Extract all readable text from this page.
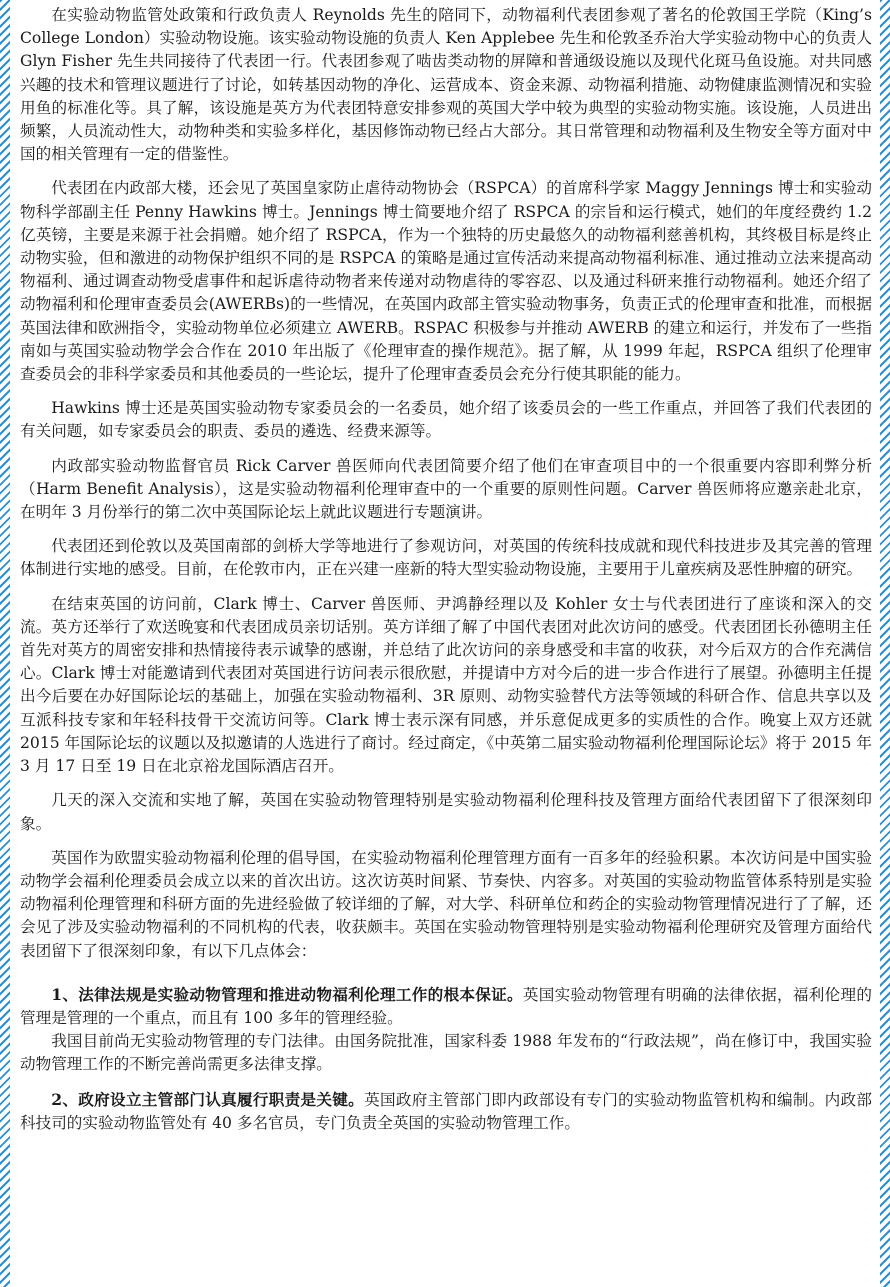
在实验动物监管处政策和行政负责人 Reynolds 先生的陪同下，动物福利代表团参观了著名的伦敦国王学院（King’s College London）实验动物设施。该实验动物设施的负责人 Ken Applebee 先生和伦敦圣乔治大学实验动物中心的负责人 Glyn Fisher 先生共同接待了代表团一行。代表团参观了啮齿类动物的屏障和普通级设施以及现代化斑马鱼设施。对共同感兴趣的技术和管理议题进行了讨论，如转基因动物的净化、运营成本、资金来源、动物福利措施、动物健康监测情况和实验用鱼的标准化等。具了解，该设施是英方为代表团特意安排参观的英国大学中较为典型的实验动物实施。该设施，人员进出频繁，人员流动性大，动物种类和实验多样化，基因修饰动物已经占大部分。其日常管理和动物福利及生物安全等方面对中国的相关管理有一定的借鉴性。

代表团在内政部大楼，还会见了英国皇家防止虐待动物协会（RSPCA）的首席科学家 Maggy Jennings 博士和实验动物科学部副主任 Penny Hawkins 博士。Jennings 博士简要地介绍了 RSPCA 的宗旨和运行模式，她们的年度经费约 1.2 亿英镑，主要是来源于社会捐赠。她介绍了 RSPCA，作为一个独特的历史最悠久的动物福利慈善机构，其终极目标是终止动物实验，但和激进的动物保护组织不同的是 RSPCA 的策略是通过宣传活动来提高动物福利标准、通过推动立法来提高动物福利、通过调查动物受虐事件和起诉虐待动物者来传递对动物虐待的零容忍、以及通过科研来推行动物福利。她还介绍了动物福利和伦理审查委员会(AWERBs)的一些情况，在英国内政部主管实验动物事务，负责正式的伦理审查和批准，而根据英国法律和欧洲指令，实验动物单位必须建立 AWERB。RSPAC 积极参与并推动 AWERB 的建立和运行，并发布了一些指南如与英国实验动物学会合作在 2010 年出版了《伦理审查的操作规范》。据了解，从 1999 年起，RSPCA 组织了伦理审查委员会的非科学家委员和其他委员的一些论坛，提升了伦理审查委员会充分行使其职能的能力。

Hawkins 博士还是英国实验动物专家委员会的一名委员，她介绍了该委员会的一些工作重点，并回答了我们代表团的有关问题，如专家委员会的职责、委员的遴选、经费来源等。

内政部实验动物监督官员 Rick Carver 兽医师向代表团简要介绍了他们在审查项目中的一个很重要内容即利弊分析（Harm Benefit Analysis），这是实验动物福利伦理审查中的一个重要的原则性问题。Carver 兽医师将应邀亲赴北京，在明年 3 月份举行的第二次中英国际论坛上就此议题进行专题演讲。

代表团还到伦敦以及英国南部的剑桥大学等地进行了参观访问，对英国的传统科技成就和现代科技进步及其完善的管理体制进行实地的感受。目前，在伦敦市内，正在兴建一座新的特大型实验动物设施，主要用于儿童疾病及恶性肿瘤的研究。

在结束英国的访问前，Clark 博士、Carver 兽医师、尹鸿静经理以及 Kohler 女士与代表团进行了座谈和深入的交流。英方还举行了欢送晚宴和代表团成员亲切话别。英方详细了解了中国代表团对此次访问的感受。代表团团长孙德明主任首先对英方的周密安排和热情接待表示诚挚的感谢，并总结了此次访问的亲身感受和丰富的收获，对今后双方的合作充满信心。Clark 博士对能邀请到代表团对英国进行访问表示很欣慰，并提请中方对今后的进一步合作进行了展望。孙德明主任提出今后要在办好国际论坛的基础上，加强在实验动物福利、3R 原则、动物实验替代方法等领域的科研合作、信息共享以及互派科技专家和年轻科技骨干交流访问等。Clark 博士表示深有同感，并乐意促成更多的实质性的合作。晚宴上双方还就 2015 年国际论坛的议题以及拟邀请的人选进行了商讨。经过商定，《中英第二届实验动物福利伦理国际论坛》将于 2015 年 3 月 17 日至 19 日在北京裕龙国际酒店召开。

几天的深入交流和实地了解，英国在实验动物管理特别是实验动物福利伦理科技及管理方面给代表团留下了很深刻印象。

英国作为欧盟实验动物福利伦理的倡导国，在实验动物福利伦理管理方面有一百多年的经验积累。本次访问是中国实验动物学会福利伦理委员会成立以来的首次出访。这次访英时间紧、节奏快、内容多。对英国的实验动物监管体系特别是实验动物福利伦理管理和科研方面的先进经验做了较详细的了解，对大学、科研单位和药企的实验动物管理情况进行了了解，还会见了涉及实验动物福利的不同机构的代表，收获颇丰。英国在实验动物管理特别是实验动物福利伦理研究及管理方面给代表团留下了很深刻印象，有以下几点体会：

1、法律法规是实验动物管理和推进动物福利伦理工作的根本保证。英国实验动物管理有明确的法律依据，福利伦理的管理是管理的一个重点，而且有 100 多年的管理经验。

我国目前尚无实验动物管理的专门法律。由国务院批准，国家科委 1988 年发布的“行政法规”，尚在修订中，我国实验动物管理工作的不断完善尚需更多法律支撑。

2、政府设立主管部门认真履行职责是关键。英国政府主管部门即内政部设有专门的实验动物监管机构和编制。内政部科技司的实验动物监管处有 40 多名官员，专门负责全英国的实验动物管理工作。
